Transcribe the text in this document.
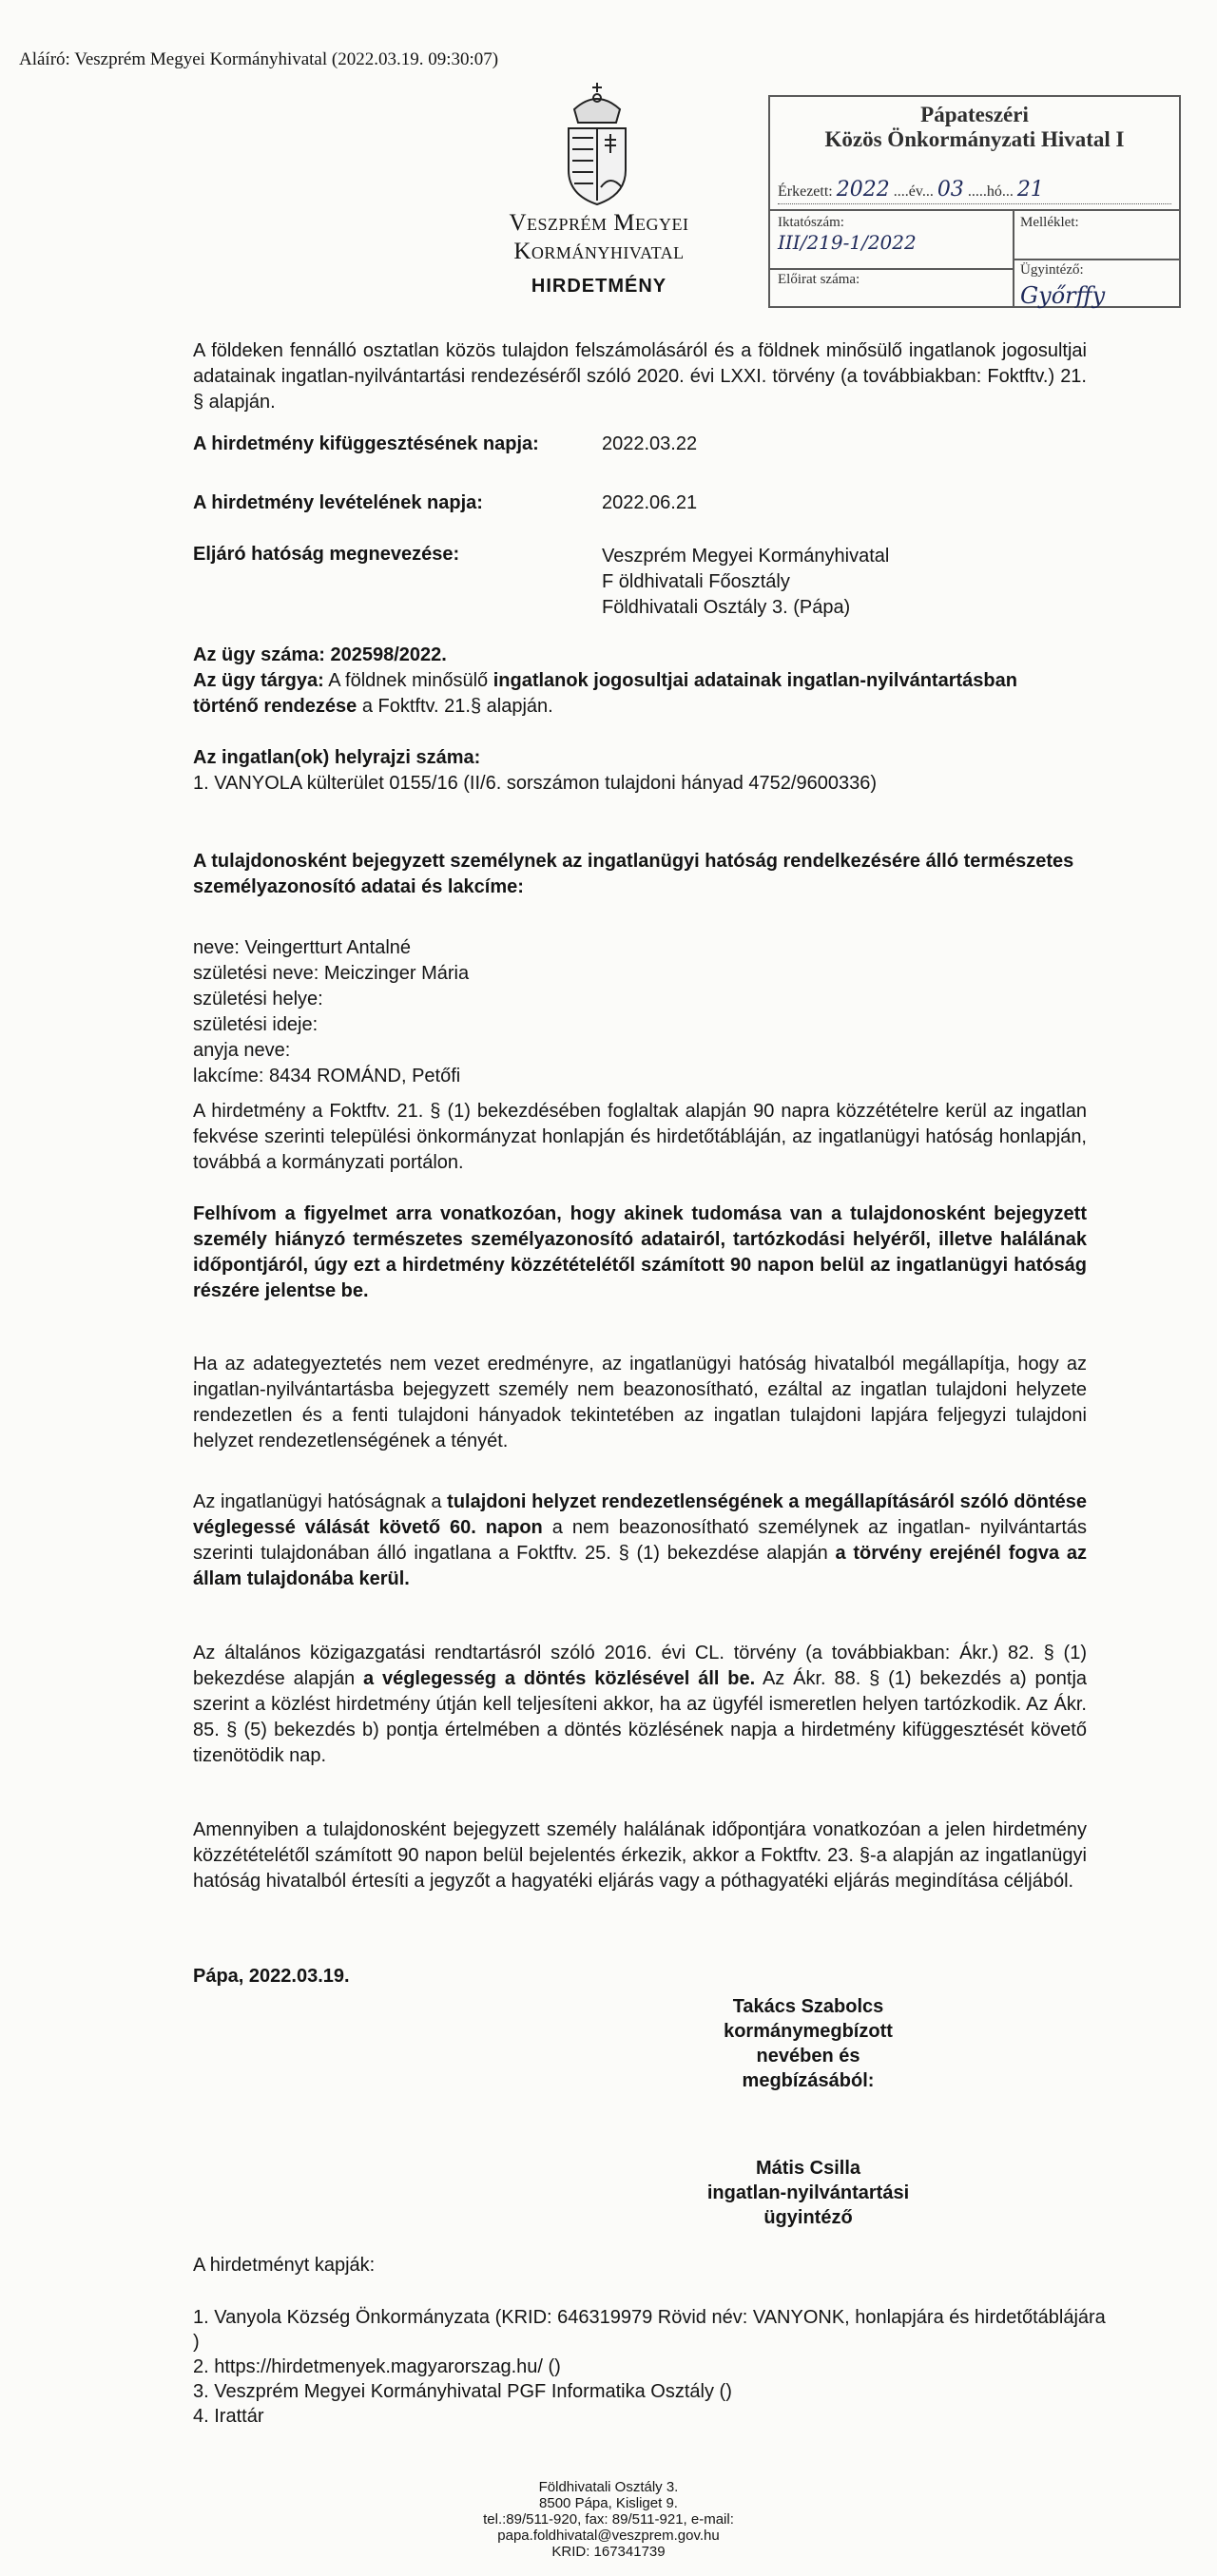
Aláíró: Veszprém Megyei Kormányhivatal (2022.03.19. 09:30:07)
Veszprém Megyei
Kormányhivatal
HIRDETMÉNY
Pápateszéri
Közös Önkormányzati Hivatal I
Érkezett: 2022 ....év... 03 .....hó... 21
Iktatószám:
III/219-1/2022
Előirat száma:
Melléklet:
Ügyintéző:
Győrffy
A földeken fennálló osztatlan közös tulajdon felszámolásáról és a földnek minősülő ingatlanok jogosultjai adatainak ingatlan-nyilvántartási rendezéséről szóló 2020. évi LXXI. törvény (a továbbiakban: Foktftv.) 21. § alapján.
A hirdetmény kifüggesztésének napja:	2022.03.22
A hirdetmény levételének napja:	2022.06.21
Eljáró hatóság megnevezése:	Veszprém Megyei Kormányhivatal
F öldhivatali Főosztály
Földhivatali Osztály 3. (Pápa)
Az ügy száma: 202598/2022.
Az ügy tárgya: A földnek minősülő ingatlanok jogosultjai adatainak ingatlan-nyilvántartásban történő rendezése a Foktftv. 21.§ alapján.
Az ingatlan(ok) helyrajzi száma:
1. VANYOLA külterület 0155/16 (II/6. sorszámon tulajdoni hányad 4752/9600336)
A tulajdonosként bejegyzett személynek az ingatlanügyi hatóság rendelkezésére álló természetes személyazonosító adatai és lakcíme:
neve: Veingertturt Antalné
születési neve: Meiczinger Mária
születési helye:
születési ideje:
anyja neve:
lakcíme: 8434 ROMÁND, Petőfi
A hirdetmény a Foktftv. 21. § (1) bekezdésében foglaltak alapján 90 napra közzétételre kerül az ingatlan fekvése szerinti települési önkormányzat honlapján és hirdetőtábláján, az ingatlanügyi hatóság honlapján, továbbá a kormányzati portálon.
Felhívom a figyelmet arra vonatkozóan, hogy akinek tudomása van a tulajdonosként bejegyzett személy hiányzó természetes személyazonosító adatairól, tartózkodási helyéről, illetve halálának időpontjáról, úgy ezt a hirdetmény közzétételétől számított 90 napon belül az ingatlanügyi hatóság részére jelentse be.
Ha az adategyeztetés nem vezet eredményre, az ingatlanügyi hatóság hivatalból megállapítja, hogy az ingatlan-nyilvántartásba bejegyzett személy nem beazonosítható, ezáltal az ingatlan tulajdoni helyzete rendezetlen és a fenti tulajdoni hányadok tekintetében az ingatlan tulajdoni lapjára feljegyzi tulajdoni helyzet rendezetlenségének a tényét.
Az ingatlanügyi hatóságnak a tulajdoni helyzet rendezetlenségének a megállapításáról szóló döntése véglegessé válását követő 60. napon a nem beazonosítható személynek az ingatlan- nyilvántartás szerinti tulajdonában álló ingatlana a Foktftv. 25. § (1) bekezdése alapján a törvény erejénél fogva az állam tulajdonába kerül.
Az általános közigazgatási rendtartásról szóló 2016. évi CL. törvény (a továbbiakban: Ákr.) 82. § (1) bekezdése alapján a véglegesség a döntés közlésével áll be. Az Ákr. 88. § (1) bekezdés a) pontja szerint a közlést hirdetmény útján kell teljesíteni akkor, ha az ügyfél ismeretlen helyen tartózkodik. Az Ákr. 85. § (5) bekezdés b) pontja értelmében a döntés közlésének napja a hirdetmény kifüggesztését követő tizenötödik nap.
Amennyiben a tulajdonosként bejegyzett személy halálának időpontjára vonatkozóan a jelen hirdetmény közzétételétől számított 90 napon belül bejelentés érkezik, akkor a Foktftv. 23. §-a alapján az ingatlanügyi hatóság hivatalból értesíti a jegyzőt a hagyatéki eljárás vagy a póthagyatéki eljárás megindítása céljából.
Pápa, 2022.03.19.
Takács Szabolcs
kormánymegbízott
nevében és
megbízásából:
Mátis Csilla
ingatlan-nyilvántartási
ügyintéző
A hirdetményt kapják:
1. Vanyola Község Önkormányzata (KRID: 646319979 Rövid név: VANYONK, honlapjára és hirdetőtáblájára )
2. https://hirdetmenyek.magyarorszag.hu/ ()
3. Veszprém Megyei Kormányhivatal PGF Informatika Osztály ()
4. Irattár
Földhivatali Osztály 3.
8500 Pápa, Kisliget 9.
tel.:89/511-920, fax: 89/511-921, e-mail: papa.foldhivatal@veszprem.gov.hu
KRID: 167341739
